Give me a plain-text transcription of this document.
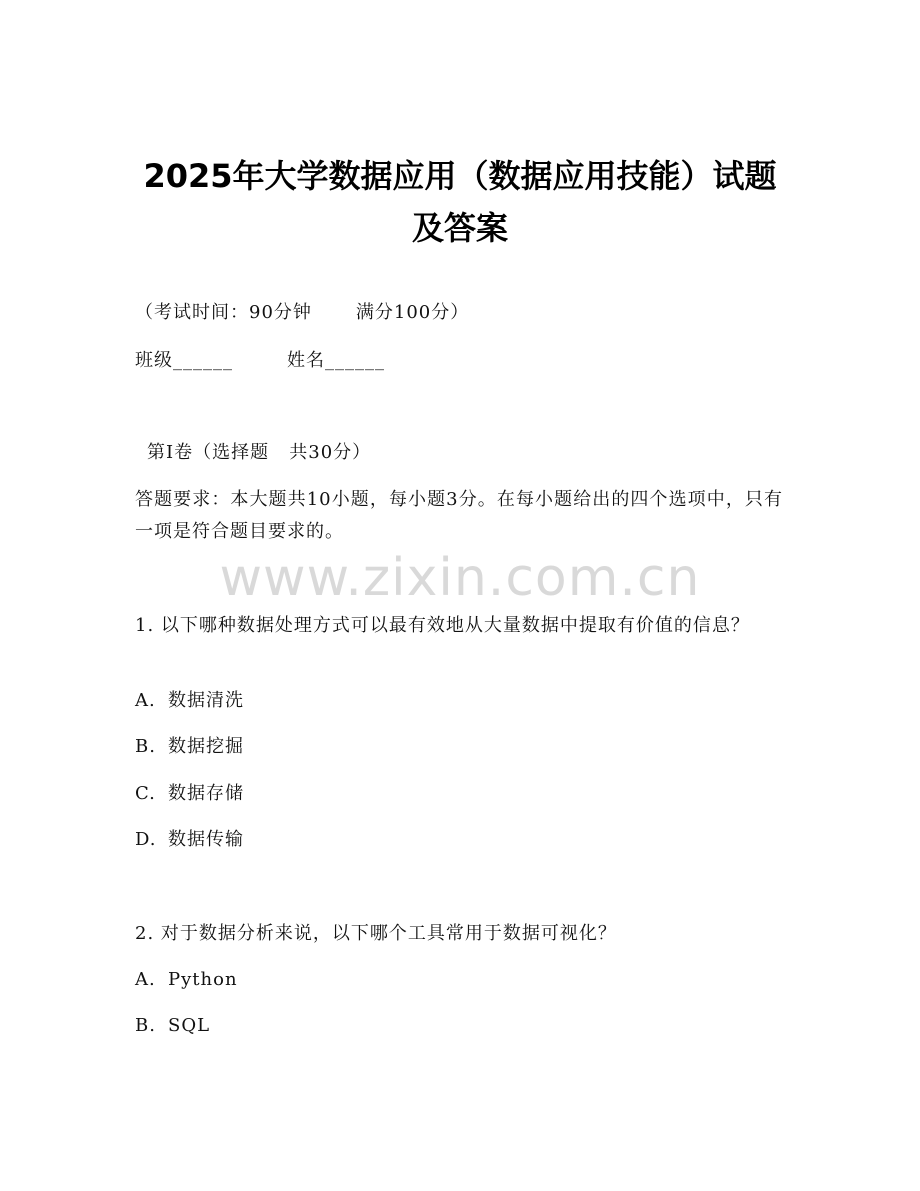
2025年大学数据应用（数据应用技能）试题
及答案
（考试时间：90分钟 满分100分）
班级______	姓名______
第I卷（选择题   共30分）
答题要求：本大题共10小题，每小题3分。在每小题给出的四个选项中，只有一项是符合题目要求的。
www.zixin.com.cn
1. 以下哪种数据处理方式可以最有效地从大量数据中提取有价值的信息？
A. 数据清洗
B. 数据挖掘
C. 数据存储
D. 数据传输
2. 对于数据分析来说，以下哪个工具常用于数据可视化？
A. Python
B. SQL
